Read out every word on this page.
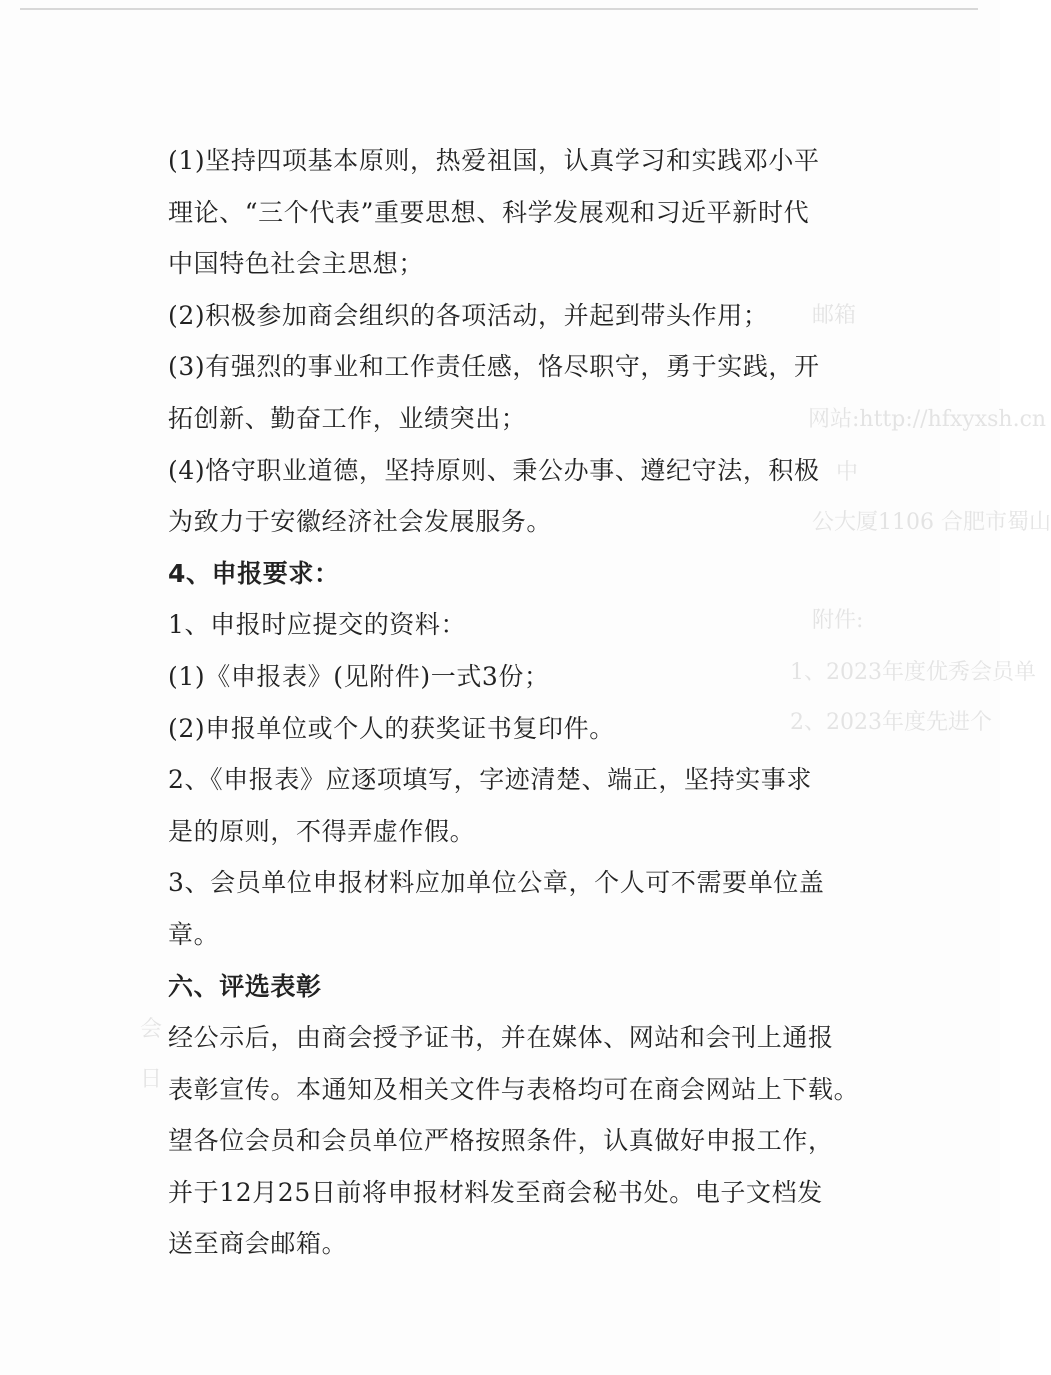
邮箱
网站:http://hfxyxsh.cn
中
公大厦1106 合肥市蜀山
附件:
1、2023年度优秀会员单
2、2023年度先进个
会
日
(1)坚持四项基本原则，热爱祖国，认真学习和实践邓小平
理论、“三个代表”重要思想、科学发展观和习近平新时代
中国特色社会主思想；
(2)积极参加商会组织的各项活动，并起到带头作用；
(3)有强烈的事业和工作责任感，恪尽职守，勇于实践，开
拓创新、勤奋工作，业绩突出；
(4)恪守职业道德，坚持原则、秉公办事、遵纪守法，积极
为致力于安徽经济社会发展服务。
4、申报要求：
1、申报时应提交的资料：
(1)《申报表》(见附件)一式3份；
(2)申报单位或个人的获奖证书复印件。
2、《申报表》应逐项填写，字迹清楚、端正，坚持实事求
是的原则，不得弄虚作假。
3、会员单位申报材料应加单位公章，个人可不需要单位盖
章。
六、评选表彰
经公示后，由商会授予证书，并在媒体、网站和会刊上通报
表彰宣传。本通知及相关文件与表格均可在商会网站上下载。
望各位会员和会员单位严格按照条件，认真做好申报工作，
并于12月25日前将申报材料发至商会秘书处。电子文档发
送至商会邮箱。
